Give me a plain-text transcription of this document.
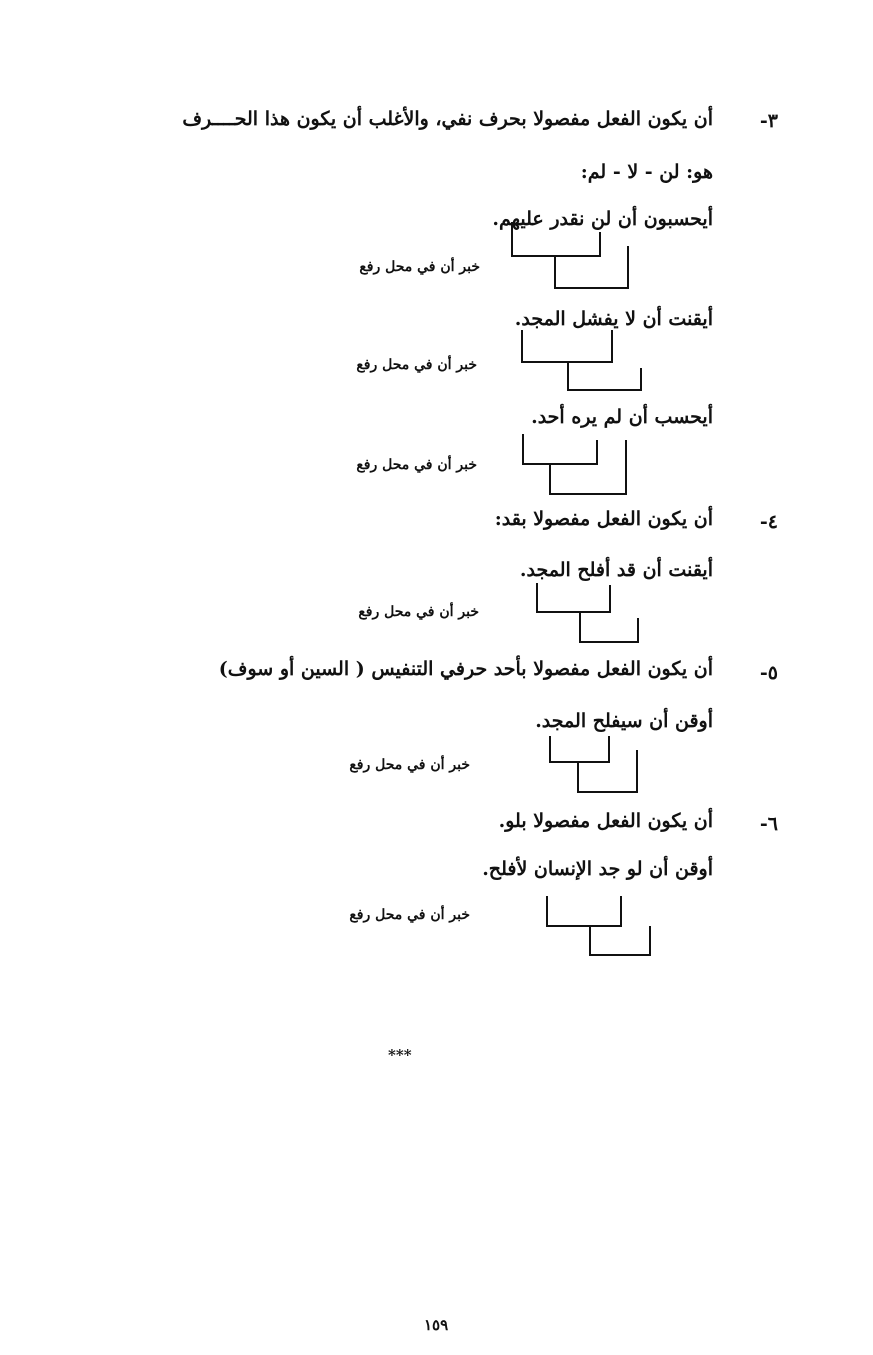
٣-
أن يكون الفعل مفصولا بحرف نفي، والأغلب أن يكون هذا الحــــرف
هو: لن - لا - لم:
أيحسبون أن لن نقدر عليهم.
خبر أن في محل رفع
أيقنت أن لا يفشل المجد.
خبر أن في محل رفع
أيحسب أن لم يره أحد.
خبر أن في محل رفع
٤-
أن يكون الفعل مفصولا بقد:
أيقنت أن قد أفلح المجد.
خبر أن في محل رفع
٥-
أن يكون الفعل مفصولا بأحد حرفي التنفيس ( السين أو سوف)
أوقن أن سيفلح المجد.
خبر أن في محل رفع
٦-
أن يكون الفعل مفصولا بلو.
أوقن أن لو جد الإنسان لأفلح.
خبر أن في محل رفع
***
١٥٩
